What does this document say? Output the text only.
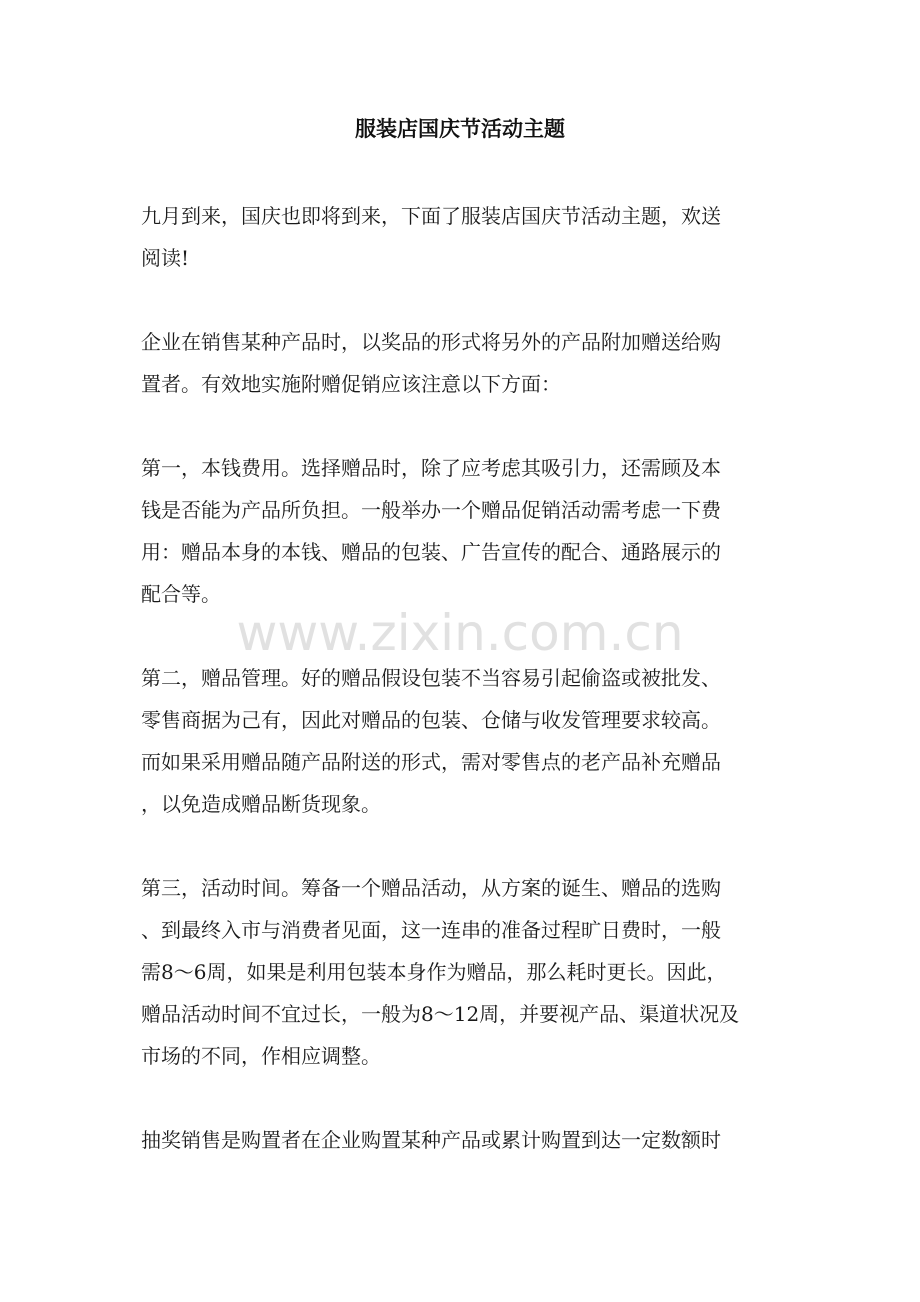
服装店国庆节活动主题

九月到来，国庆也即将到来，下面了服装店国庆节活动主题，欢送

阅读!

企业在销售某种产品时，以奖品的形式将另外的产品附加赠送给购

置者。有效地实施附赠促销应该注意以下方面：

第一，本钱费用。选择赠品时，除了应考虑其吸引力，还需顾及本

钱是否能为产品所负担。一般举办一个赠品促销活动需考虑一下费

用：赠品本身的本钱、赠品的包装、广告宣传的配合、通路展示的

配合等。

第二，赠品管理。好的赠品假设包装不当容易引起偷盗或被批发、

零售商据为己有，因此对赠品的包装、仓储与收发管理要求较高。

而如果采用赠品随产品附送的形式，需对零售点的老产品补充赠品

，以免造成赠品断货现象。

第三，活动时间。筹备一个赠品活动，从方案的诞生、赠品的选购

、到最终入市与消费者见面，这一连串的准备过程旷日费时，一般

需8～6周，如果是利用包装本身作为赠品，那么耗时更长。因此，

赠品活动时间不宜过长，一般为8～12周，并要视产品、渠道状况及

市场的不同，作相应调整。

抽奖销售是购置者在企业购置某种产品或累计购置到达一定数额时

www.zixin.com.cn
